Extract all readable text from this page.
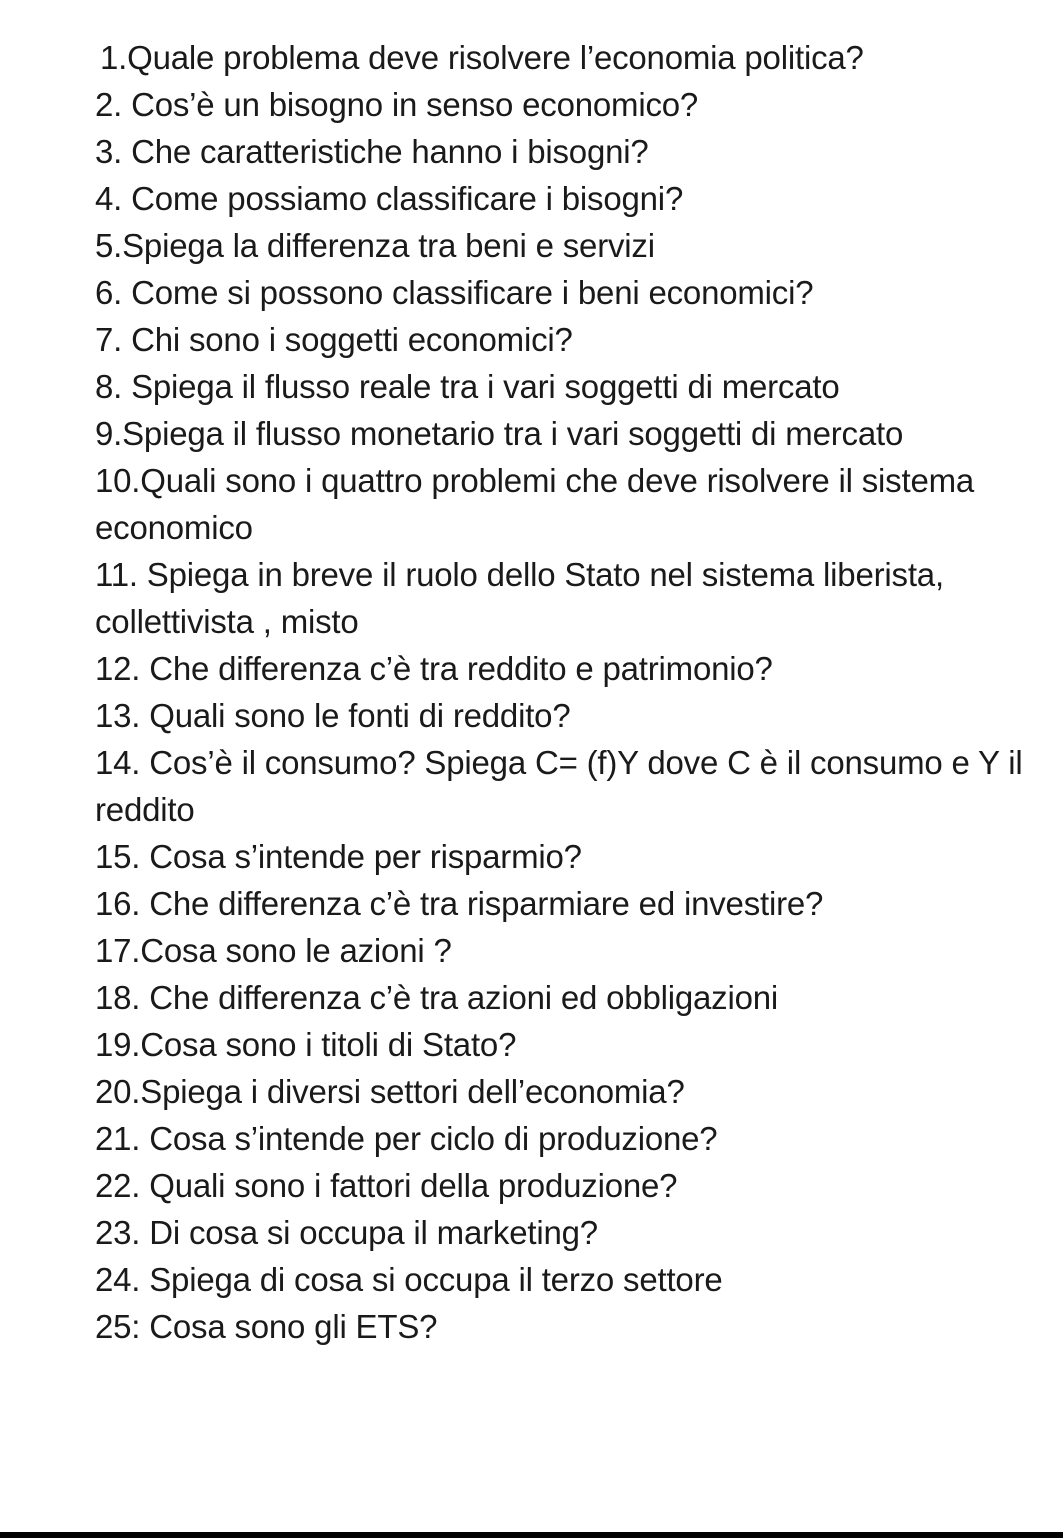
1.Quale problema deve risolvere l’economia politica?
2. Cos’è un bisogno in senso economico?
3. Che caratteristiche hanno i bisogni?
4. Come possiamo classificare i bisogni?
5.Spiega la differenza tra beni e servizi
6. Come si possono classificare i beni economici?
7. Chi sono i soggetti economici?
8. Spiega il flusso reale tra i vari soggetti di mercato
9.Spiega il flusso monetario tra i vari soggetti di mercato
10.Quali sono i quattro problemi che deve risolvere il sistema economico
11. Spiega in breve il ruolo dello Stato nel sistema liberista, collettivista , misto
12. Che differenza c’è tra reddito e patrimonio?
13. Quali sono le fonti di reddito?
14. Cos’è il consumo? Spiega C= (f)Y dove C è il consumo e Y il reddito
15. Cosa s’intende per risparmio?
16. Che differenza c’è tra risparmiare ed investire?
17.Cosa sono le azioni ?
18. Che differenza c’è tra azioni ed obbligazioni
19.Cosa sono i titoli di Stato?
20.Spiega i diversi settori dell’economia?
21. Cosa s’intende per ciclo di produzione?
22. Quali sono i fattori della produzione?
23. Di cosa si occupa il marketing?
24. Spiega di cosa si occupa il terzo settore
25: Cosa sono gli ETS?
